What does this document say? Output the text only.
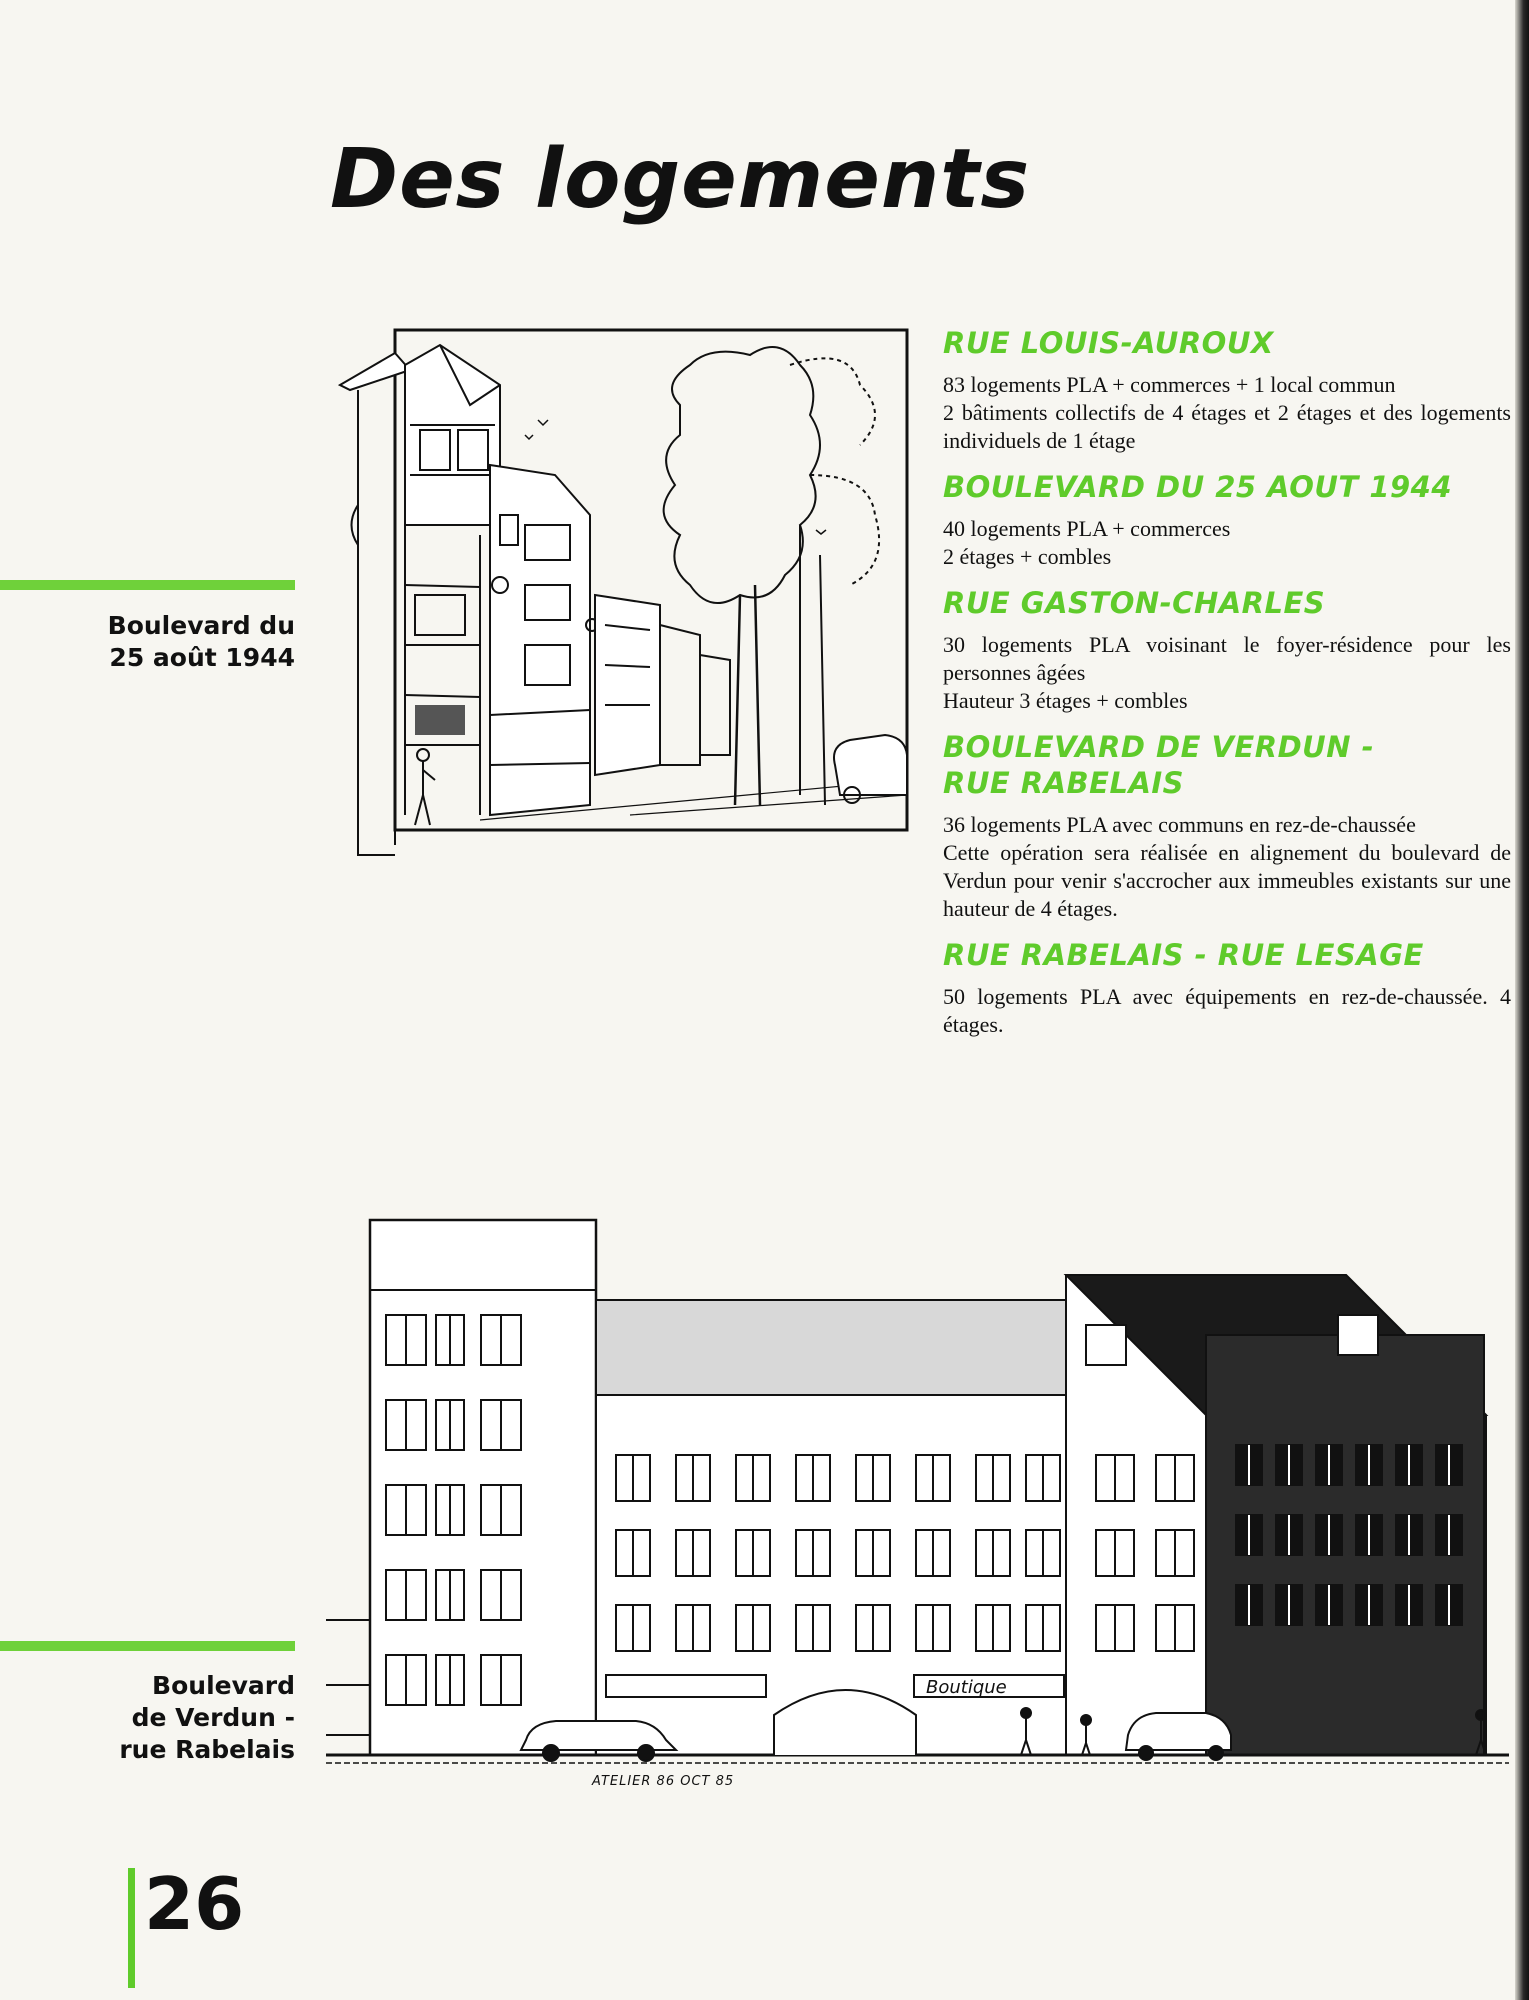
Des logements
Boulevard du
25 août 1944
Boulevard
de Verdun -
rue Rabelais
RUE LOUIS-AUROUX

83 logements PLA + commerces + 1 local commun

2 bâtiments collectifs de 4 étages et 2 étages et des logements individuels de 1 étage

BOULEVARD DU 25 AOUT 1944

40 logements PLA + commerces

2 étages + combles

RUE GASTON-CHARLES

30 logements PLA voisinant le foyer-résidence pour les personnes âgées

Hauteur 3 étages + combles

BOULEVARD DE VERDUN -
RUE RABELAIS

36 logements PLA avec communs en rez-de-chaussée

Cette opération sera réalisée en alignement du boulevard de Verdun pour venir s'accrocher aux immeubles existants sur une hauteur de 4 étages.

RUE RABELAIS - RUE LESAGE

50 logements PLA avec équipements en rez-de-chaussée. 4 étages.

Boutique
ATELIER 86 OCT 85
26
